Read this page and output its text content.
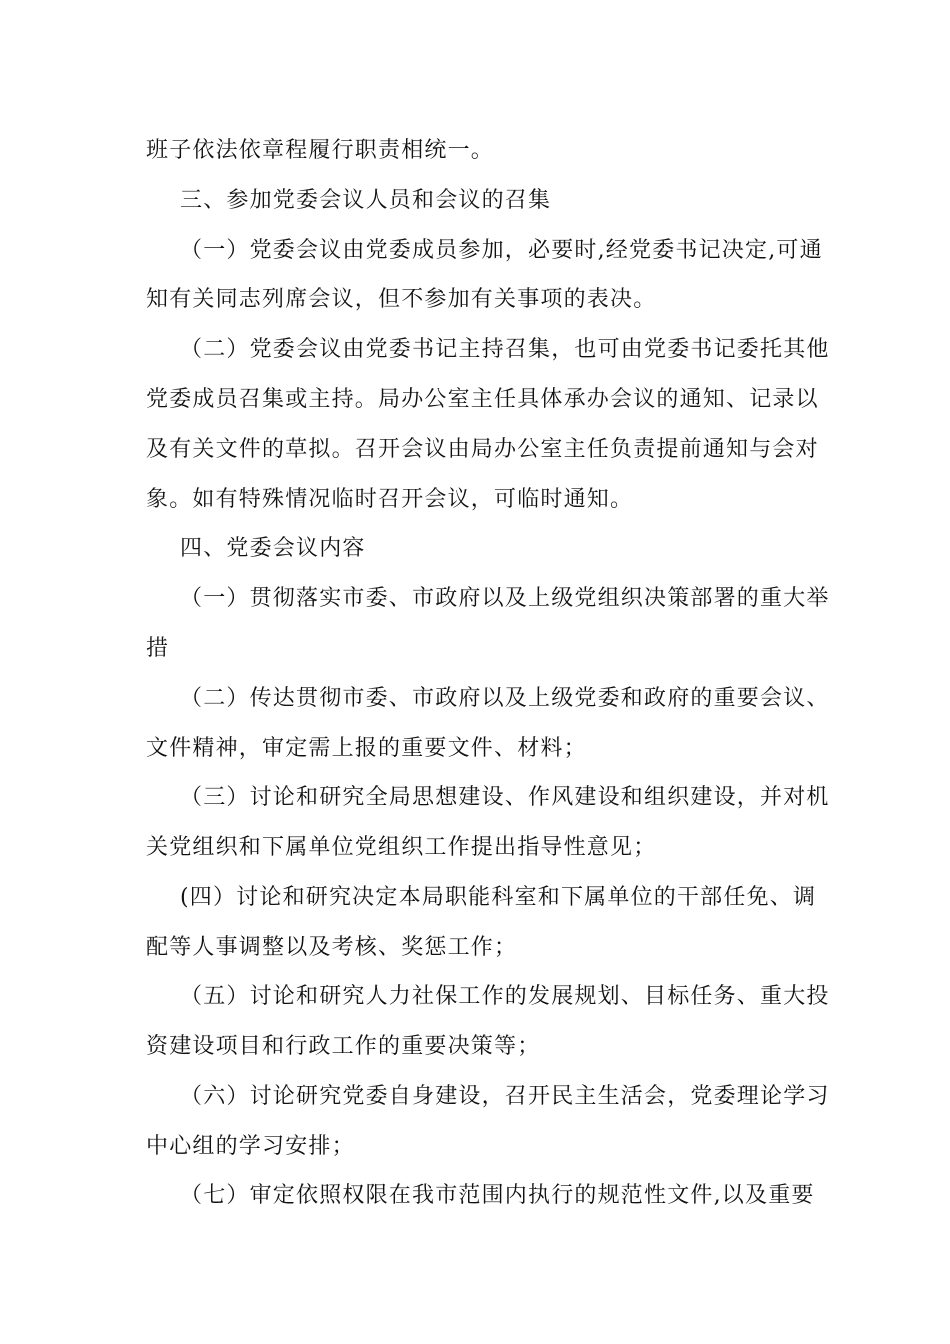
班子依法依章程履行职责相统一。
三、参加党委会议人员和会议的召集
（一）党委会议由党委成员参加，必要时,经党委书记决定,可通
知有关同志列席会议，但不参加有关事项的表决。
（二）党委会议由党委书记主持召集，也可由党委书记委托其他
党委成员召集或主持。局办公室主任具体承办会议的通知、记录以
及有关文件的草拟。召开会议由局办公室主任负责提前通知与会对
象。如有特殊情况临时召开会议，可临时通知。
四、党委会议内容
（一）贯彻落实市委、市政府以及上级党组织决策部署的重大举
措
（二）传达贯彻市委、市政府以及上级党委和政府的重要会议、
文件精神，审定需上报的重要文件、材料；
（三）讨论和研究全局思想建设、作风建设和组织建设，并对机
关党组织和下属单位党组织工作提出指导性意见；
(四）讨论和研究决定本局职能科室和下属单位的干部任免、调
配等人事调整以及考核、奖惩工作；
（五）讨论和研究人力社保工作的发展规划、目标任务、重大投
资建设项目和行政工作的重要决策等；
（六）讨论研究党委自身建设，召开民主生活会，党委理论学习
中心组的学习安排；
（七）审定依照权限在我市范围内执行的规范性文件,以及重要
